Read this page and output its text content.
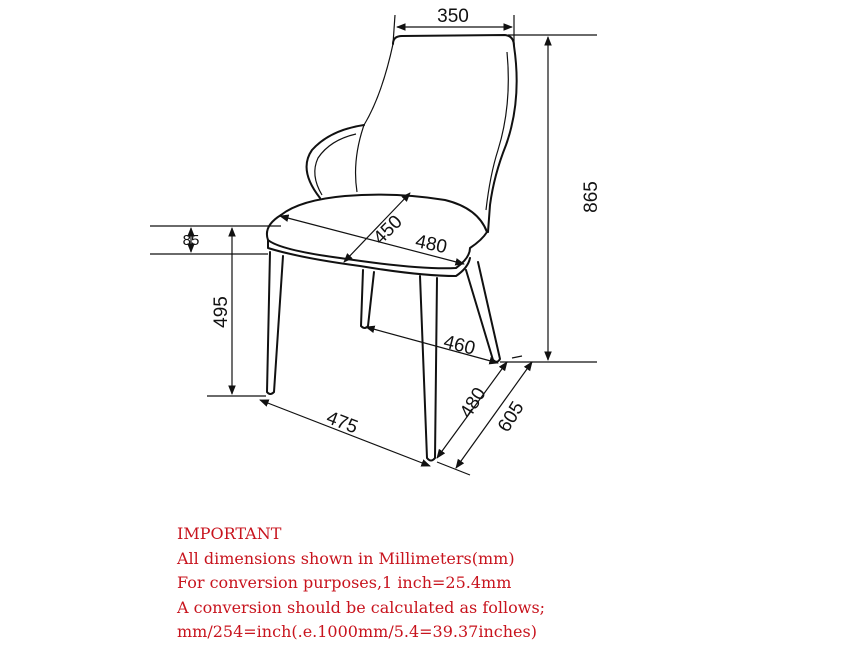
350
865
85
495
450 480
460
475
480 605
IMPORTANT
All dimensions shown in Millimeters(mm)
For conversion purposes,1 inch=25.4mm
A conversion should be calculated as follows;
mm/254=inch(.e.1000mm/5.4=39.37inches)
